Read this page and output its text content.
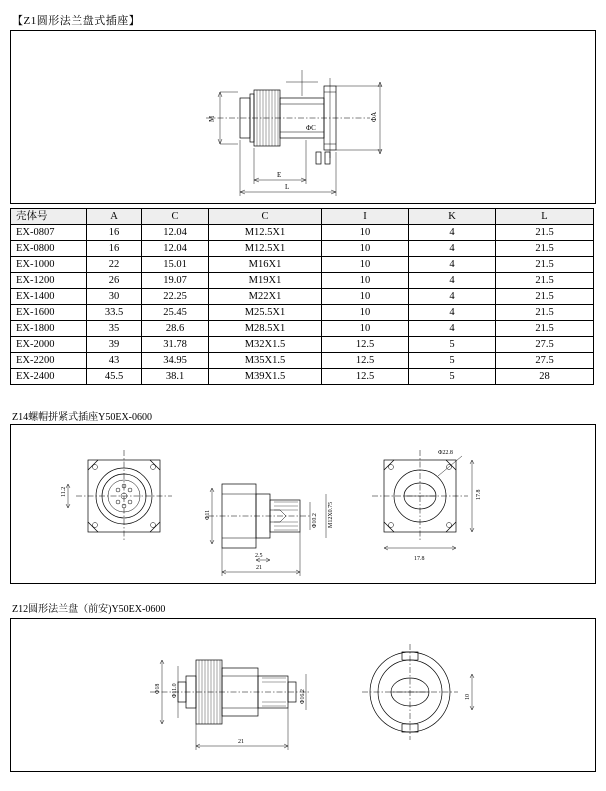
【Z1圆形法兰盘式插座】
M
ΦC
ΦA
E
L
壳体号	A	C	C	I	K	L
EX-0807	16	12.04	M12.5X1	10	4	21.5
EX-0800	16	12.04	M12.5X1	10	4	21.5
EX-1000	22	15.01	M16X1	10	4	21.5
EX-1200	26	19.07	M19X1	10	4	21.5
EX-1400	30	22.25	M22X1	10	4	21.5
EX-1600	33.5	25.45	M25.5X1	10	4	21.5
EX-1800	35	28.6	M28.5X1	10	4	21.5
EX-2000	39	31.78	M32X1.5	12.5	5	27.5
EX-2200	43	34.95	M35X1.5	12.5	5	27.5
EX-2400	45.5	38.1	M39X1.5	12.5	5	28
Z14螺帽拼紧式插座Y50EX-0600
11.2
Φ11	Φ10.2 M12X0.75
2.5
21
Φ22.8
17.8
17.8
Z12圆形法兰盘（前安)Y50EX-0600
Φ18 Φ11.0	Φ16.2
21
10
